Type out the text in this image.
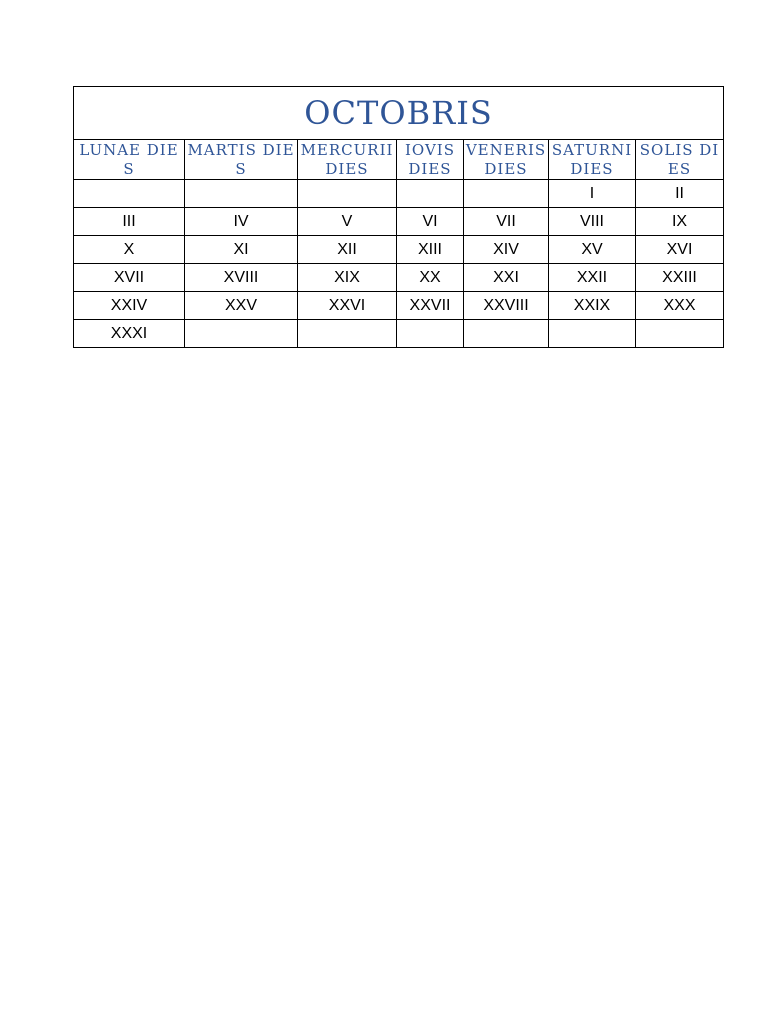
OCTOBRIS						
LUNAE DIES	MARTIS DIES	MERCURII DIES	IOVIS DIES	VENERIS DIES	SATURNI DIES	SOLIS DIES
					I	II
III	IV	V	VI	VII	VIII	IX
X	XI	XII	XIII	XIV	XV	XVI
XVII	XVIII	XIX	XX	XXI	XXII	XXIII
XXIV	XXV	XXVI	XXVII	XXVIII	XXIX	XXX
XXXI						
